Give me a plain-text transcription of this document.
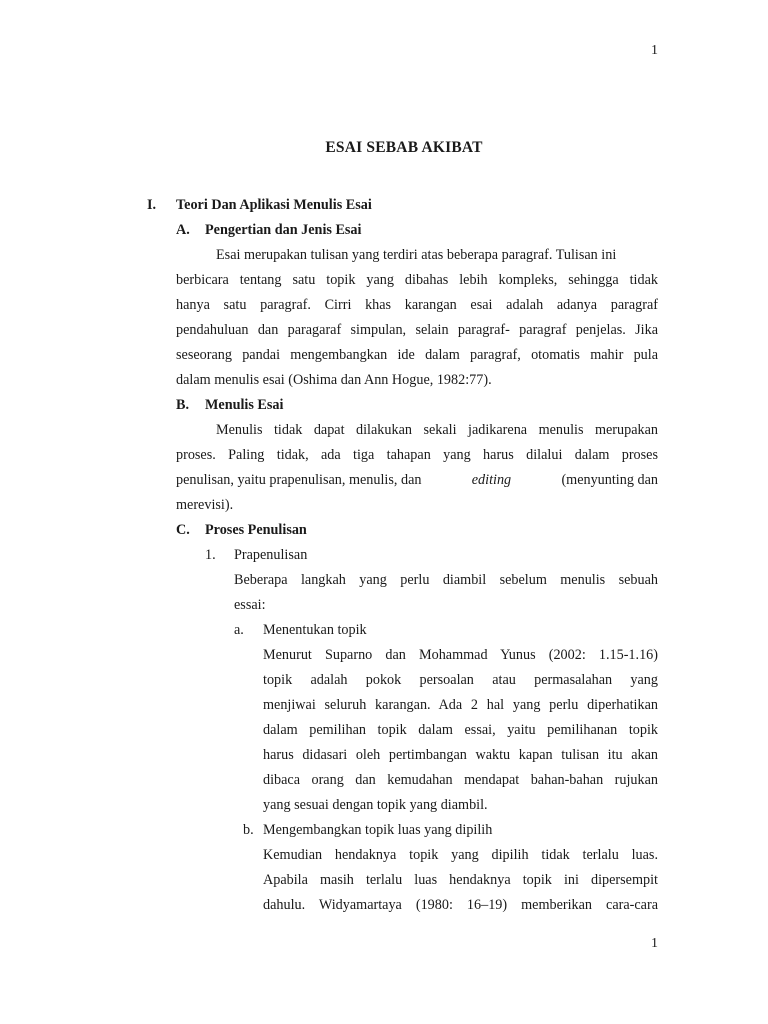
1
ESAI SEBAB AKIBAT
I. Teori Dan Aplikasi Menulis Esai
A. Pengertian dan Jenis Esai
Esai merupakan tulisan yang terdiri atas beberapa paragraf. Tulisan ini
berbicara tentang satu topik yang dibahas lebih kompleks, sehingga tidak
hanya satu paragraf. Cirri khas karangan esai adalah adanya paragraf
pendahuluan dan paragaraf simpulan, selain paragraf- paragraf penjelas. Jika
seseorang pandai mengembangkan ide dalam paragraf, otomatis mahir pula
dalam menulis esai (Oshima dan Ann Hogue, 1982:77).
B. Menulis Esai
Menulis tidak dapat dilakukan sekali jadikarena menulis merupakan
proses. Paling tidak, ada tiga tahapan yang harus dilalui dalam proses
penulisan, yaitu prapenulisan, menulis, dan	editing	(menyunting dan
merevisi).
C. Proses Penulisan
1. Prapenulisan
Beberapa langkah yang perlu diambil sebelum menulis sebuah
essai:
a. Menentukan topik
Menurut Suparno dan Mohammad Yunus (2002: 1.15-1.16)
topik adalah pokok persoalan atau permasalahan yang
menjiwai seluruh karangan. Ada 2 hal yang perlu diperhatikan
dalam pemilihan topik dalam essai, yaitu pemilihanan topik
harus didasari oleh pertimbangan waktu kapan tulisan itu akan
dibaca orang dan kemudahan mendapat bahan-bahan rujukan
yang sesuai dengan topik yang diambil.
b. Mengembangkan topik luas yang dipilih
Kemudian hendaknya topik yang dipilih tidak terlalu luas.
Apabila masih terlalu luas hendaknya topik ini dipersempit
dahulu. Widyamartaya (1980: 16–19) memberikan cara-cara
1
